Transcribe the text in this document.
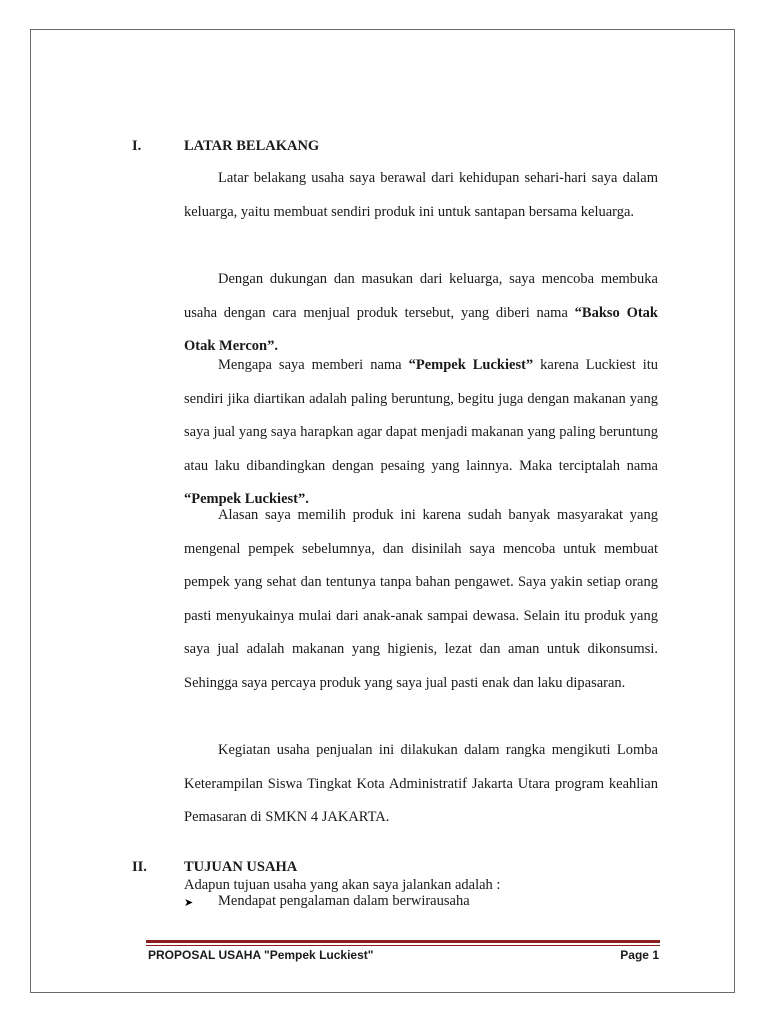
I.	LATAR BELAKANG

Latar belakang usaha saya berawal dari kehidupan sehari-hari saya dalam keluarga, yaitu membuat sendiri produk ini untuk santapan bersama keluarga.

Dengan dukungan dan masukan dari keluarga, saya mencoba membuka usaha dengan cara menjual produk tersebut, yang diberi nama “Bakso Otak Otak Mercon”.

Mengapa saya memberi nama “Pempek Luckiest” karena Luckiest itu sendiri jika diartikan adalah paling beruntung, begitu juga dengan makanan yang saya jual yang saya harapkan agar dapat menjadi makanan yang paling beruntung atau laku dibandingkan dengan pesaing yang lainnya. Maka terciptalah nama “Pempek Luckiest”.

Alasan saya memilih produk ini karena sudah banyak masyarakat yang mengenal pempek sebelumnya, dan disinilah saya mencoba untuk membuat pempek yang sehat dan tentunya tanpa bahan pengawet. Saya yakin setiap orang pasti menyukainya mulai dari anak-anak sampai dewasa. Selain itu produk yang saya jual adalah makanan yang higienis, lezat dan aman untuk dikonsumsi. Sehingga saya percaya produk yang saya jual pasti enak dan laku dipasaran.

Kegiatan usaha penjualan ini dilakukan dalam rangka mengikuti Lomba Keterampilan Siswa Tingkat Kota Administratif Jakarta Utara program keahlian Pemasaran di SMKN 4 JAKARTA.

II.	TUJUAN USAHA
Adapun tujuan usaha yang akan saya jalankan adalah :
➤ Mendapat pengalaman dalam berwirausaha
PROPOSAL USAHA "Pempek Luckiest"	Page 1
